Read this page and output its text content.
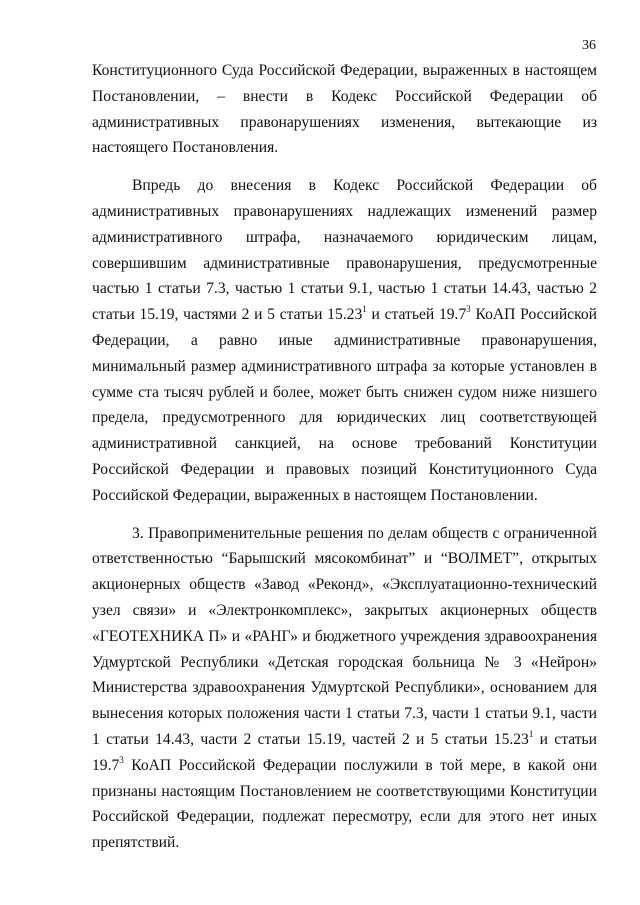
36

Конституционного Суда Российской Федерации, выраженных в настоящем Постановлении, – внести в Кодекс Российской Федерации об административных правонарушениях изменения, вытекающие из настоящего Постановления.

Впредь до внесения в Кодекс Российской Федерации об административных правонарушениях надлежащих изменений размер административного штрафа, назначаемого юридическим лицам, совершившим административные правонарушения, предусмотренные частью 1 статьи 7.3, частью 1 статьи 9.1, частью 1 статьи 14.43, частью 2 статьи 15.19, частями 2 и 5 статьи 15.23$^1$ и статьей 19.7$^3$ КоАП Российской Федерации, а равно иные административные правонарушения, минимальный размер административного штрафа за которые установлен в сумме ста тысяч рублей и более, может быть снижен судом ниже низшего предела, предусмотренного для юридических лиц соответствующей административной санкцией, на основе требований Конституции Российской Федерации и правовых позиций Конституционного Суда Российской Федерации, выраженных в настоящем Постановлении.

3. Правоприменительные решения по делам обществ с ограниченной ответственностью “Барышский мясокомбинат” и “ВОЛМЕТ”, открытых акционерных обществ «Завод «Реконд», «Эксплуатационно-технический узел связи» и «Электронкомплекс», закрытых акционерных обществ «ГЕОТЕХНИКА П» и «РАНГ» и бюджетного учреждения здравоохранения Удмуртской Республики «Детская городская больница № 3 «Нейрон» Министерства здравоохранения Удмуртской Республики», основанием для вынесения которых положения части 1 статьи 7.3, части 1 статьи 9.1, части 1 статьи 14.43, части 2 статьи 15.19, частей 2 и 5 статьи 15.23$^1$ и статьи 19.7$^3$ КоАП Российской Федерации послужили в той мере, в какой они признаны настоящим Постановлением не соответствующими Конституции Российской Федерации, подлежат пересмотру, если для этого нет иных препятствий.
